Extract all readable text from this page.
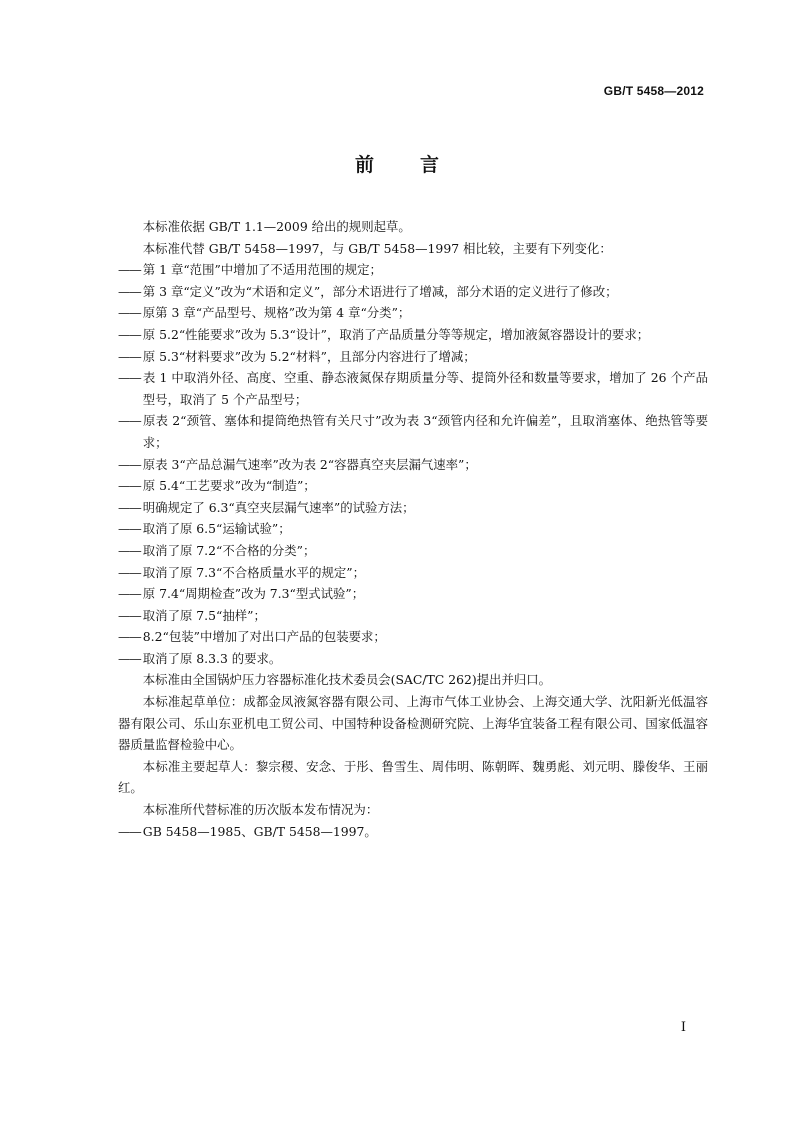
GB/T 5458—2012
前言

本标准依据 GB/T 1.1—2009 给出的规则起草。

本标准代替 GB/T 5458—1997，与 GB/T 5458—1997 相比较，主要有下列变化：

—— 第 1 章“范围”中增加了不适用范围的规定；

—— 第 3 章“定义”改为“术语和定义”，部分术语进行了增减，部分术语的定义进行了修改；

—— 原第 3 章“产品型号、规格”改为第 4 章“分类”；

—— 原 5.2“性能要求”改为 5.3“设计”，取消了产品质量分等等规定，增加液氮容器设计的要求；

—— 原 5.3“材料要求”改为 5.2“材料”，且部分内容进行了增减；

—— 表 1 中取消外径、高度、空重、静态液氮保存期质量分等、提筒外径和数量等要求，增加了 26 个产品型号，取消了 5 个产品型号；

—— 原表 2“颈管、塞体和提筒绝热管有关尺寸”改为表 3“颈管内径和允许偏差”，且取消塞体、绝热管等要求；

—— 原表 3“产品总漏气速率”改为表 2“容器真空夹层漏气速率”；

—— 原 5.4“工艺要求”改为“制造”；

—— 明确规定了 6.3“真空夹层漏气速率”的试验方法；

—— 取消了原 6.5“运输试验”；

—— 取消了原 7.2“不合格的分类”；

—— 取消了原 7.3“不合格质量水平的规定”；

—— 原 7.4“周期检查”改为 7.3“型式试验”；

—— 取消了原 7.5“抽样”；

—— 8.2“包装”中增加了对出口产品的包装要求；

—— 取消了原 8.3.3 的要求。

本标准由全国锅炉压力容器标准化技术委员会(SAC/TC 262)提出并归口。

本标准起草单位：成都金凤液氮容器有限公司、上海市气体工业协会、上海交通大学、沈阳新光低温容器有限公司、乐山东亚机电工贸公司、中国特种设备检测研究院、上海华宜装备工程有限公司、国家低温容器质量监督检验中心。

本标准主要起草人：黎宗稷、安念、于彤、鲁雪生、周伟明、陈朝晖、魏勇彪、刘元明、滕俊华、王丽红。

本标准所代替标准的历次版本发布情况为：

—— GB 5458—1985、GB/T 5458—1997。

I
